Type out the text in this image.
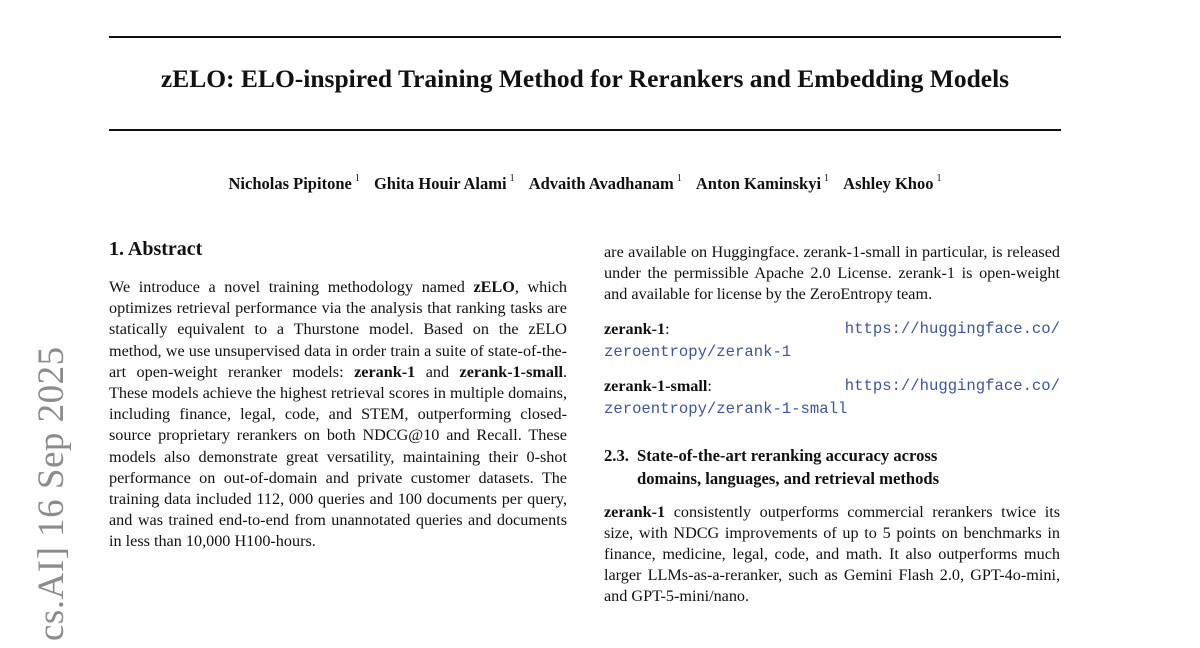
zELO: ELO-inspired Training Method for Rerankers and Embedding Models
Nicholas Pipitone $^1$ Ghita Houir Alami $^1$ Advaith Avadhanam $^1$ Anton Kaminskyi $^1$ Ashley Khoo $^1$
cs.AI] 16 Sep 2025
1. Abstract

We introduce a novel training methodology named zELO, which optimizes retrieval performance via the analysis that ranking tasks are statically equivalent to a Thurstone model. Based on the zELO method, we use unsupervised data in order train a suite of state-of-the-art open-weight reranker models: zerank-1 and zerank-1-small. These models achieve the highest retrieval scores in multiple domains, including finance, legal, code, and STEM, outperforming closed-source proprietary rerankers on both NDCG@10 and Recall. These models also demonstrate great versatility, maintaining their 0-shot performance on out-of-domain and private customer datasets. The training data included 112, 000 queries and 100 documents per query, and was trained end-to-end from unannotated queries and documents in less than 10,000 H100-hours.

are available on Huggingface. zerank-1-small in particular, is released under the permissible Apache 2.0 License. zerank-1 is open-weight and available for license by the ZeroEntropy team.

zerank-1:	https://huggingface.co/
zeroentropy/zerank-1
zerank-1-small:	https://huggingface.co/
zeroentropy/zerank-1-small
2.3. State-of-the-art reranking accuracy across
domains, languages, and retrieval methods

zerank-1 consistently outperforms commercial rerankers twice its size, with NDCG improvements of up to 5 points on benchmarks in finance, medicine, legal, code, and math. It also outperforms much larger LLMs-as-a-reranker, such as Gemini Flash 2.0, GPT-4o-mini, and GPT-5-mini/nano.
